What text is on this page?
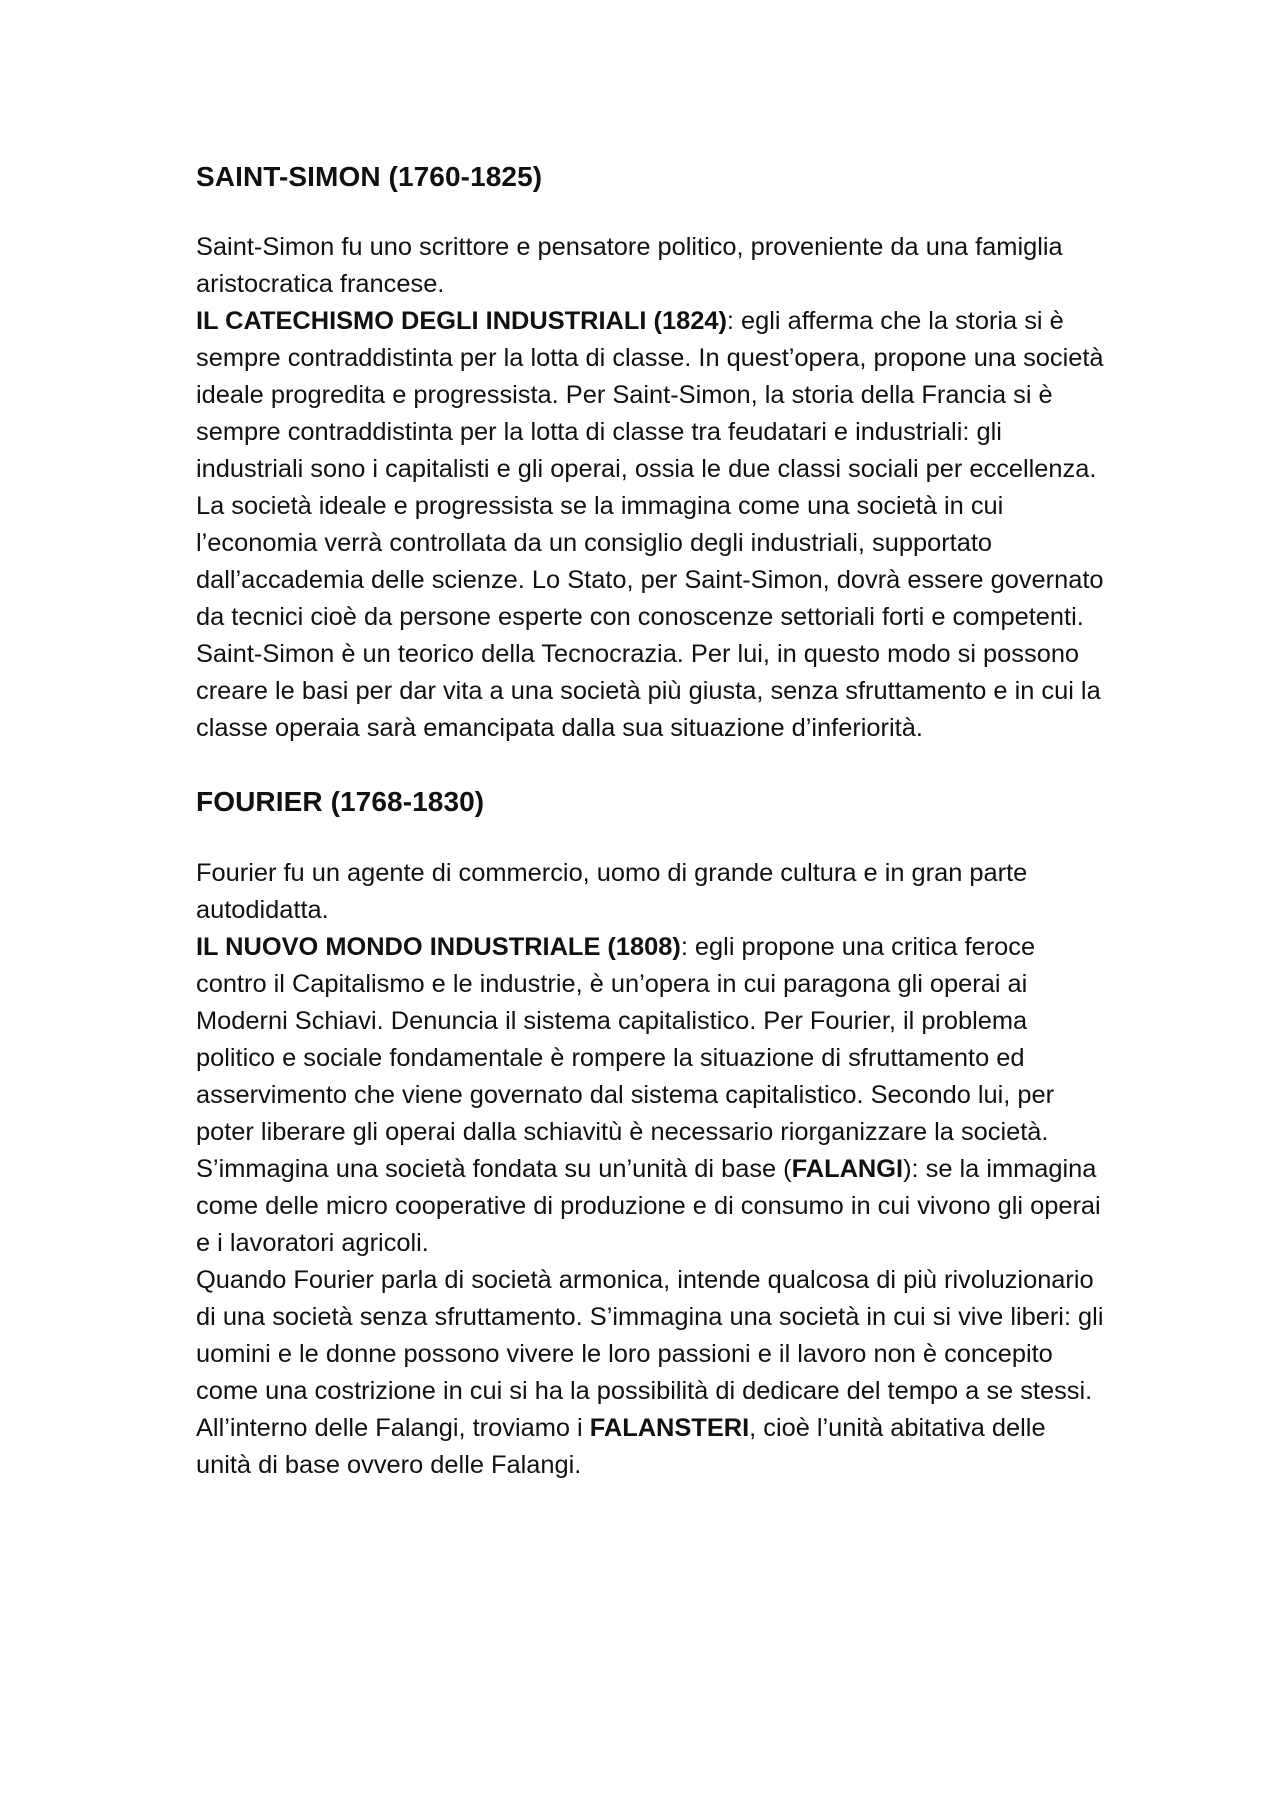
SAINT-SIMON (1760-1825)

Saint-Simon fu uno scrittore e pensatore politico, proveniente da una famiglia aristocratica francese.

IL CATECHISMO DEGLI INDUSTRIALI (1824): egli afferma che la storia si è sempre contraddistinta per la lotta di classe. In quest’opera, propone una società ideale progredita e progressista. Per Saint-Simon, la storia della Francia si è sempre contraddistinta per la lotta di classe tra feudatari e industriali: gli industriali sono i capitalisti e gli operai, ossia le due classi sociali per eccellenza. La società ideale e progressista se la immagina come una società in cui l’economia verrà controllata da un consiglio degli industriali, supportato dall’accademia delle scienze. Lo Stato, per Saint-Simon, dovrà essere governato da tecnici cioè da persone esperte con conoscenze settoriali forti e competenti.

Saint-Simon è un teorico della Tecnocrazia. Per lui, in questo modo si possono creare le basi per dar vita a una società più giusta, senza sfruttamento e in cui la classe operaia sarà emancipata dalla sua situazione d’inferiorità.

FOURIER (1768-1830)

Fourier fu un agente di commercio, uomo di grande cultura e in gran parte autodidatta.

IL NUOVO MONDO INDUSTRIALE (1808): egli propone una critica feroce contro il Capitalismo e le industrie, è un’opera in cui paragona gli operai ai Moderni Schiavi. Denuncia il sistema capitalistico. Per Fourier, il problema politico e sociale fondamentale è rompere la situazione di sfruttamento ed asservimento che viene governato dal sistema capitalistico. Secondo lui, per poter liberare gli operai dalla schiavitù è necessario riorganizzare la società. S’immagina una società fondata su un’unità di base (FALANGI): se la immagina come delle micro cooperative di produzione e di consumo in cui vivono gli operai e i lavoratori agricoli.

Quando Fourier parla di società armonica, intende qualcosa di più rivoluzionario di una società senza sfruttamento. S’immagina una società in cui si vive liberi: gli uomini e le donne possono vivere le loro passioni e il lavoro non è concepito come una costrizione in cui si ha la possibilità di dedicare del tempo a se stessi. All’interno delle Falangi, troviamo i FALANSTERI, cioè l’unità abitativa delle unità di base ovvero delle Falangi.
